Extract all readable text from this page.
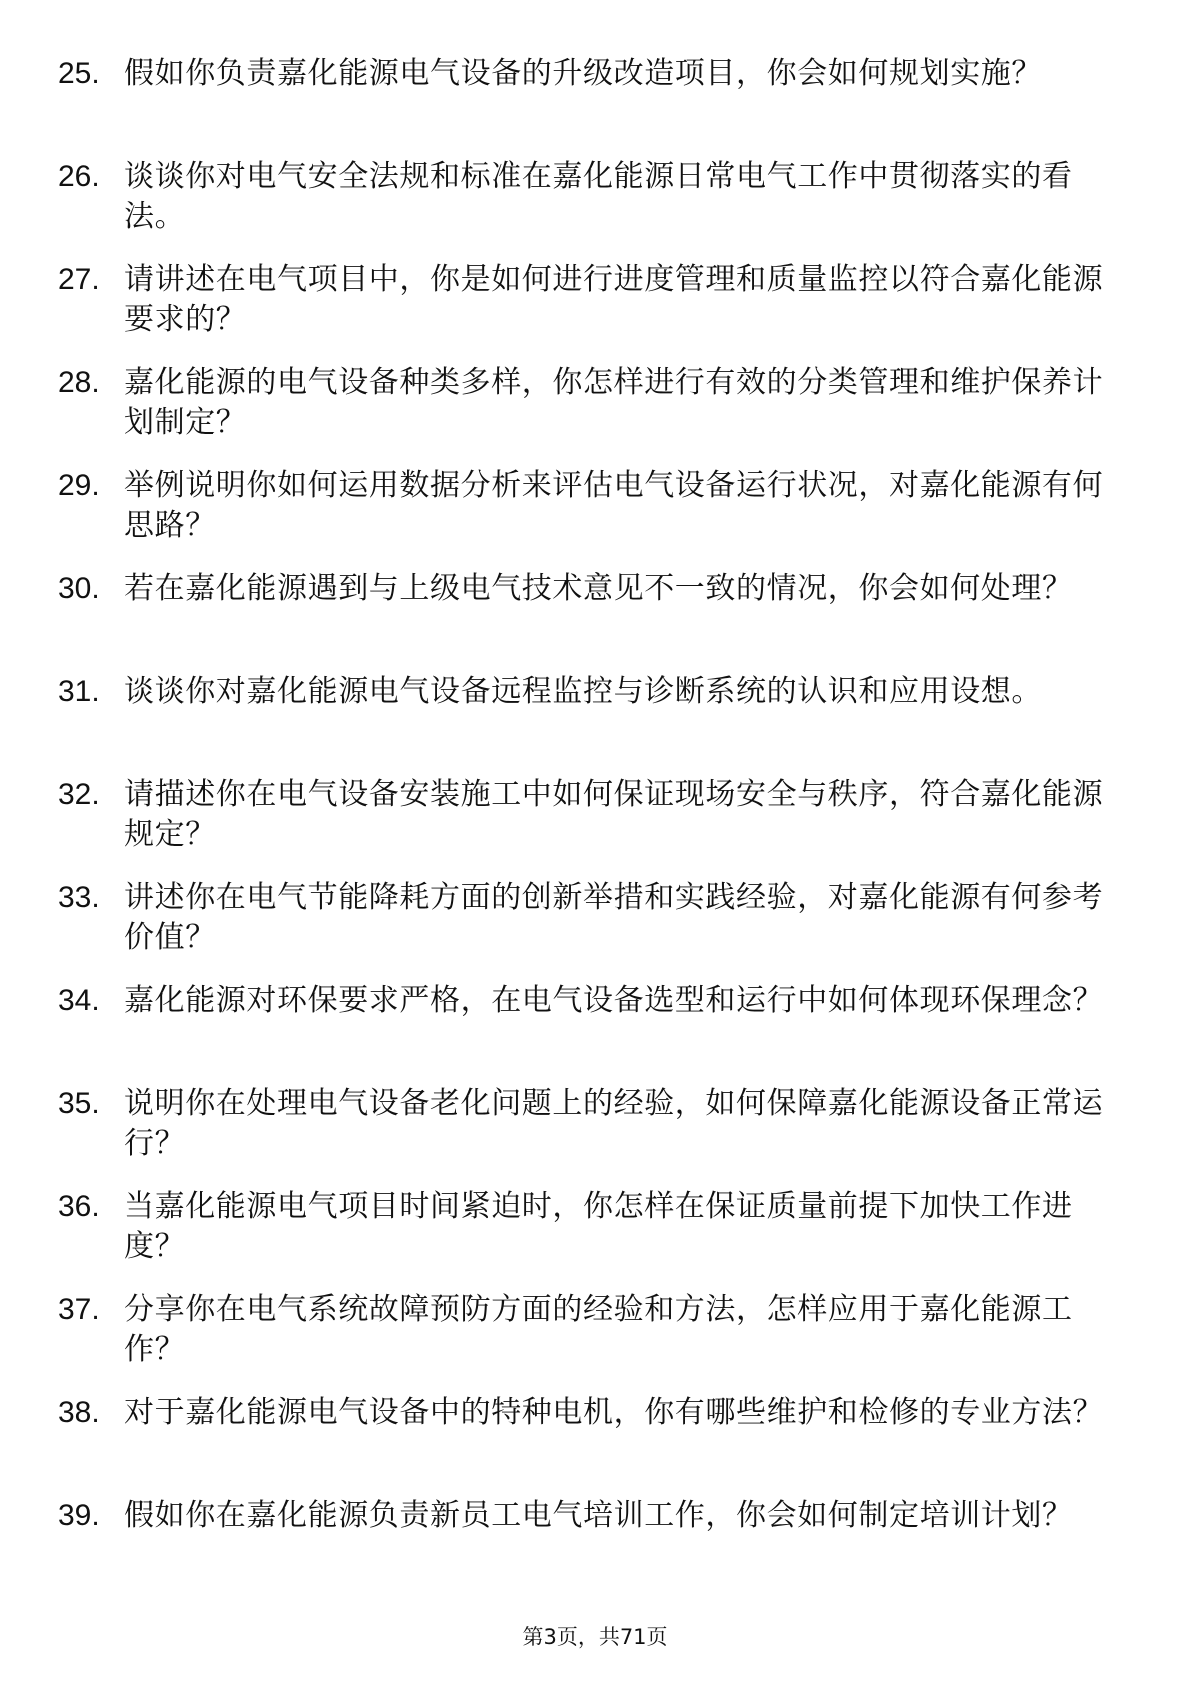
25. 假如你负责嘉化能源电气设备的升级改造项目，你会如何规划实施？
26. 谈谈你对电气安全法规和标准在嘉化能源日常电气工作中贯彻落实的看法。
27. 请讲述在电气项目中，你是如何进行进度管理和质量监控以符合嘉化能源要求的？
28. 嘉化能源的电气设备种类多样，你怎样进行有效的分类管理和维护保养计划制定？
29. 举例说明你如何运用数据分析来评估电气设备运行状况，对嘉化能源有何思路？
30. 若在嘉化能源遇到与上级电气技术意见不一致的情况，你会如何处理？
31. 谈谈你对嘉化能源电气设备远程监控与诊断系统的认识和应用设想。
32. 请描述你在电气设备安装施工中如何保证现场安全与秩序，符合嘉化能源规定？
33. 讲述你在电气节能降耗方面的创新举措和实践经验，对嘉化能源有何参考价值？
34. 嘉化能源对环保要求严格，在电气设备选型和运行中如何体现环保理念？
35. 说明你在处理电气设备老化问题上的经验，如何保障嘉化能源设备正常运行？
36. 当嘉化能源电气项目时间紧迫时，你怎样在保证质量前提下加快工作进度？
37. 分享你在电气系统故障预防方面的经验和方法，怎样应用于嘉化能源工作？
38. 对于嘉化能源电气设备中的特种电机，你有哪些维护和检修的专业方法？
39. 假如你在嘉化能源负责新员工电气培训工作，你会如何制定培训计划？
第3页，共71页
